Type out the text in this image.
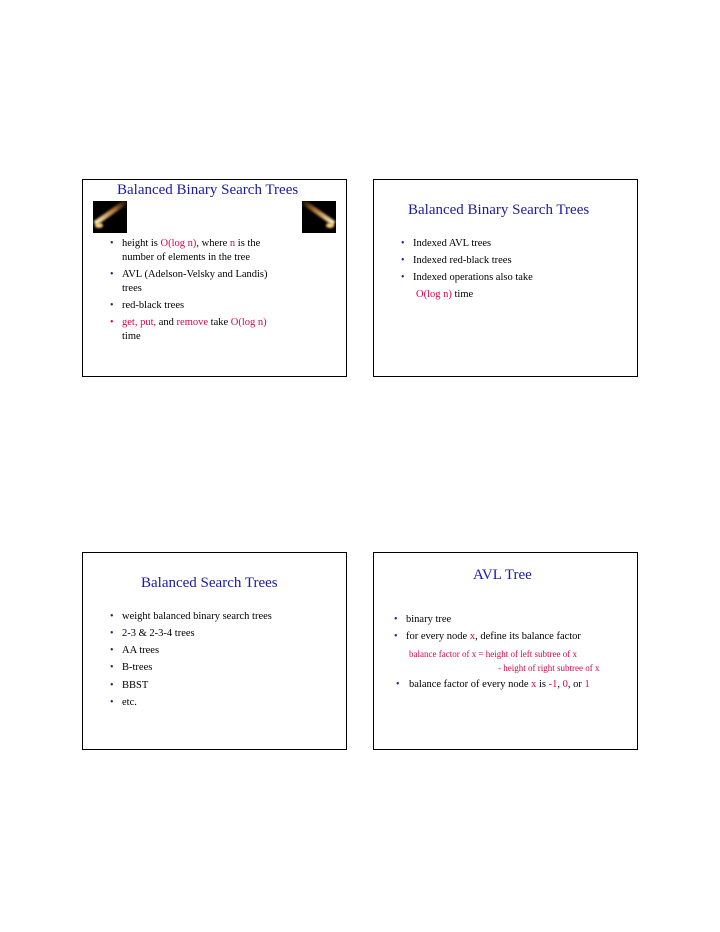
Balanced Binary Search Trees
• height is O(log n), where n is the
number of elements in the tree
• AVL (Adelson-Velsky and Landis)
trees
• red-black trees
• get, put, and remove take O(log n)
time
Balanced Binary Search Trees
• Indexed AVL trees
• Indexed red-black trees
• Indexed operations also take
O(log n) time
Balanced Search Trees
• weight balanced binary search trees
• 2-3 & 2-3-4 trees
• AA trees
• B-trees
• BBST
• etc.
AVL Tree
• binary tree
• for every node x, define its balance factor
balance factor of x = height of left subtree of x
- height of right subtree of x
• balance factor of every node x is -1, 0, or 1
